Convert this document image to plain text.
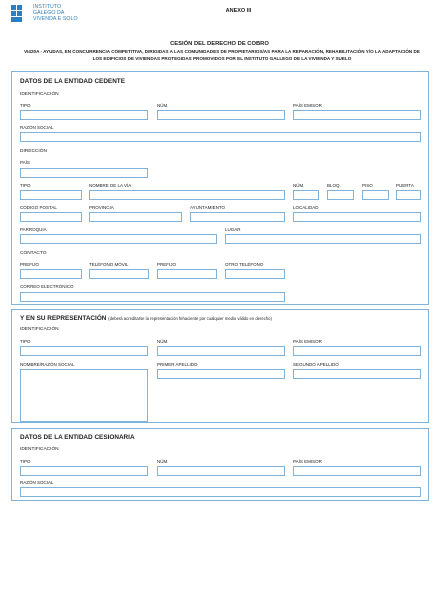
INSTITUTO
GALEGO DA
VIVENDA E SOLO
ANEXO III
CESIÓN DEL DERECHO DE COBRO
VI420A - AYUDAS, EN CONCURRENCIA COMPETITIVA, DIRIGIDAS A LAS COMUNIDADES DE PROPIETARIOS/AS PARA LA REPARACIÓN, REHABILITACIÓN Y/O LA ADAPTACIÓN DE LOS EDIFICIOS DE VIVIENDAS PROTEGIDAS PROMOVIDOS POR EL INSTITUTO GALLEGO DE LA VIVIENDA Y SUELO
DATOS DE LA ENTIDAD CEDENTE
IDENTIFICACIÓN
TIPO	NÚM.	PAÍS EMISOR
RAZÓN SOCIAL
DIRECCIÓN
PAÍS
TIPO	NOMBRE DE LA VÍA	NÚM.	BLOQ.	PISO	PUERTA
CÓDIGO POSTAL	PROVINCIA	AYUNTAMIENTO	LOCALIDAD
PARROQUIA	LUGAR
CONTACTO
PREFIJO	TELÉFONO MÓVIL	PREFIJO	OTRO TELÉFONO
CORREO ELECTRÓNICO
Y EN SU REPRESENTACIÓN (deberá acreditarse la representación fehaciente por cualquier medio válido en derecho)
IDENTIFICACIÓN
TIPO	NÚM.	PAÍS EMISOR
NOMBRE/RAZÓN SOCIAL	PRIMER APELLIDO	SEGUNDO APELLIDO
DATOS DE LA ENTIDAD CESIONARIA
IDENTIFICACIÓN
TIPO	NÚM.	PAÍS EMISOR
RAZÓN SOCIAL
